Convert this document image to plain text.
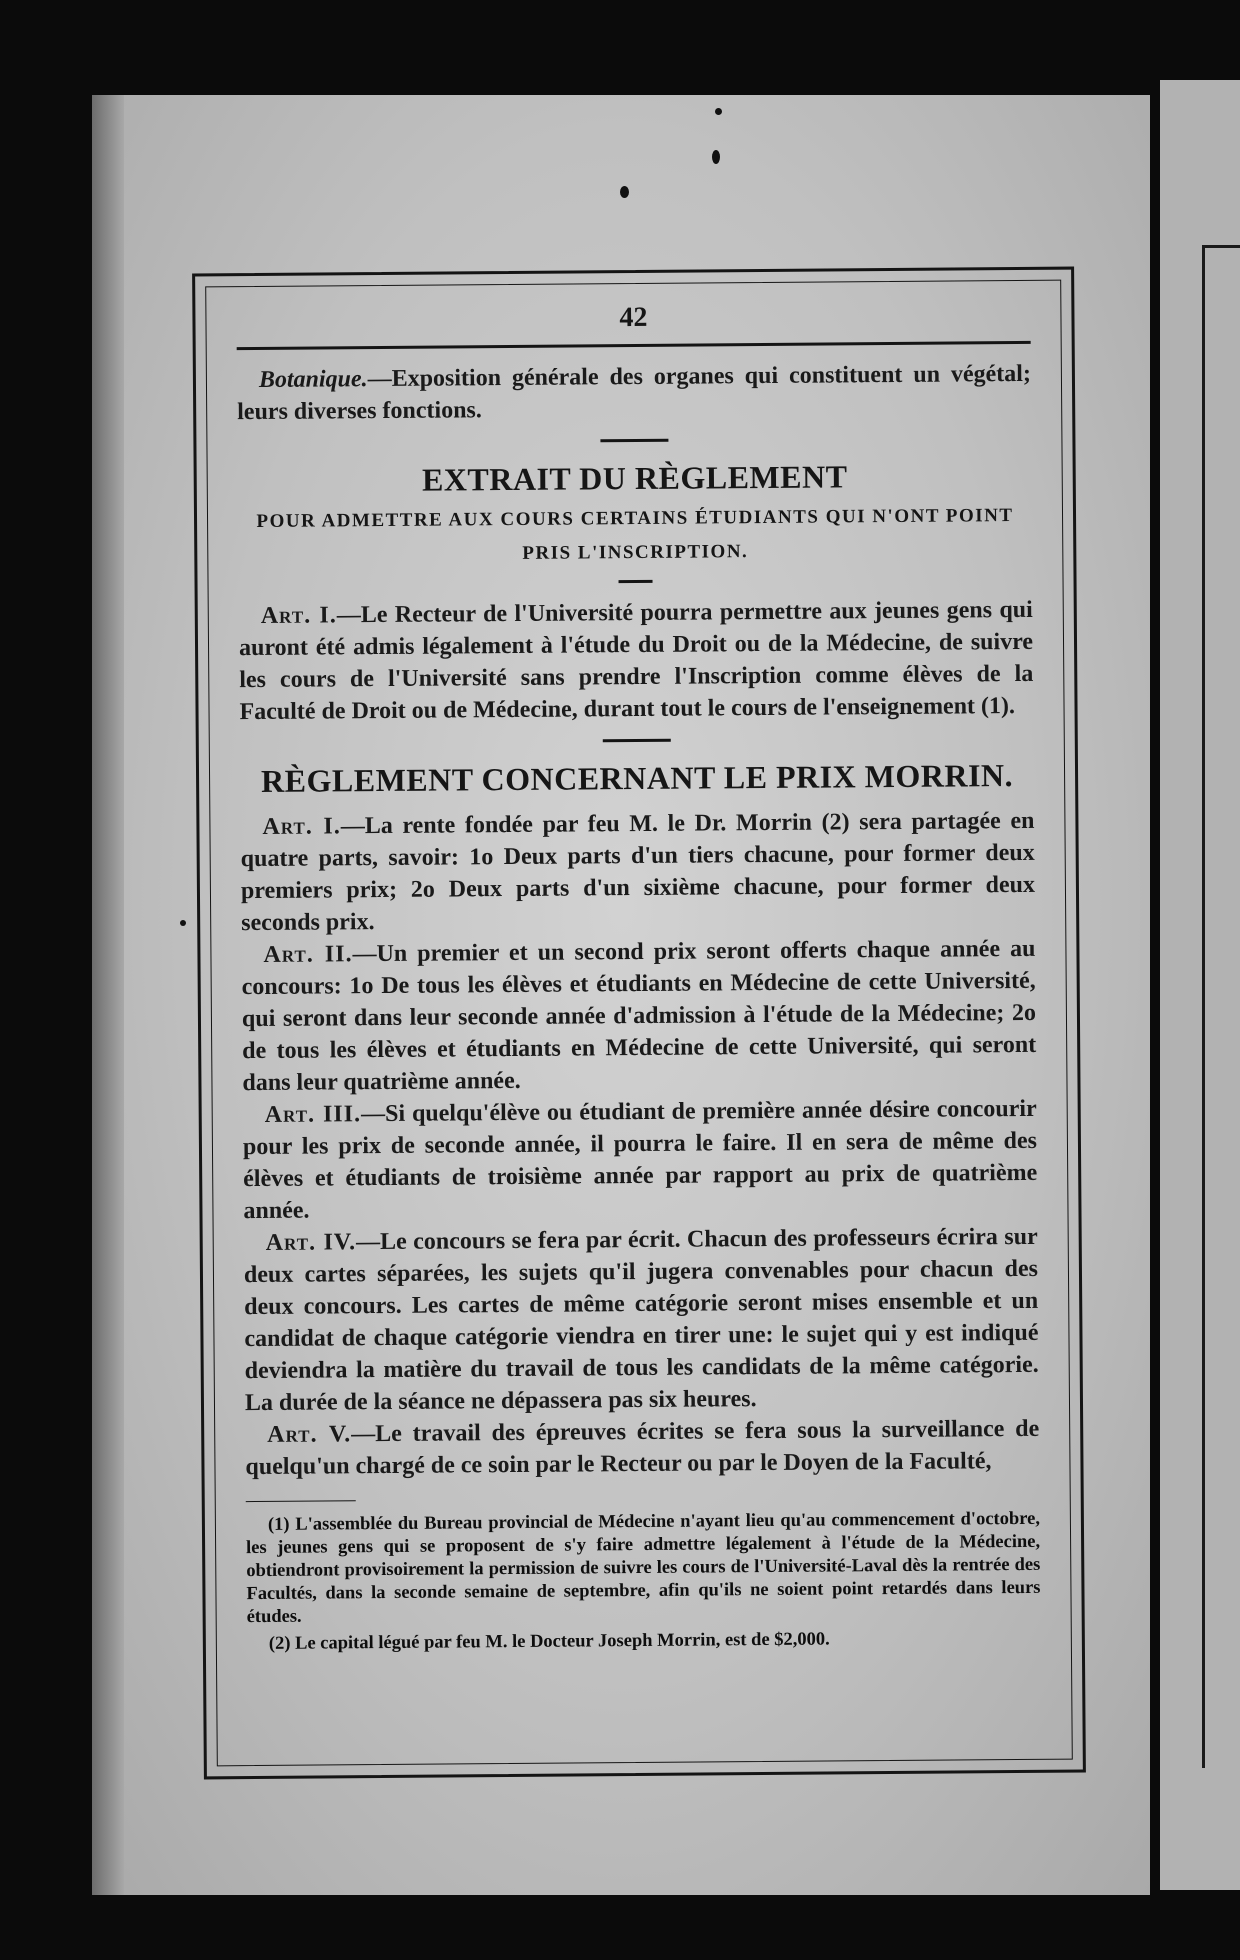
42

Botanique.—Exposition générale des organes qui constituent un végétal; leurs diverses fonctions.

EXTRAIT DU RÈGLEMENT
POUR ADMETTRE AUX COURS CERTAINS ÉTUDIANTS QUI N'ONT POINT PRIS L'INSCRIPTION.

Art. I.—Le Recteur de l'Université pourra permettre aux jeunes gens qui auront été admis légalement à l'étude du Droit ou de la Médecine, de suivre les cours de l'Université sans prendre l'Inscription comme élèves de la Faculté de Droit ou de Médecine, durant tout le cours de l'enseignement (1).

RÈGLEMENT CONCERNANT LE PRIX MORRIN.

Art. I.—La rente fondée par feu M. le Dr. Morrin (2) sera partagée en quatre parts, savoir: 1o Deux parts d'un tiers chacune, pour former deux premiers prix; 2o Deux parts d'un sixième chacune, pour former deux seconds prix.

Art. II.—Un premier et un second prix seront offerts chaque année au concours: 1o De tous les élèves et étudiants en Médecine de cette Université, qui seront dans leur seconde année d'admission à l'étude de la Médecine; 2o de tous les élèves et étudiants en Médecine de cette Université, qui seront dans leur quatrième année.

Art. III.—Si quelqu'élève ou étudiant de première année désire concourir pour les prix de seconde année, il pourra le faire. Il en sera de même des élèves et étudiants de troisième année par rapport au prix de quatrième année.

Art. IV.—Le concours se fera par écrit. Chacun des professeurs écrira sur deux cartes séparées, les sujets qu'il jugera convenables pour chacun des deux concours. Les cartes de même catégorie seront mises ensemble et un candidat de chaque catégorie viendra en tirer une: le sujet qui y est indiqué deviendra la matière du travail de tous les candidats de la même catégorie. La durée de la séance ne dépassera pas six heures.

Art. V.—Le travail des épreuves écrites se fera sous la surveillance de quelqu'un chargé de ce soin par le Recteur ou par le Doyen de la Faculté,

(1) L'assemblée du Bureau provincial de Médecine n'ayant lieu qu'au commencement d'octobre, les jeunes gens qui se proposent de s'y faire admettre légalement à l'étude de la Médecine, obtiendront provisoirement la permission de suivre les cours de l'Université-Laval dès la rentrée des Facultés, dans la seconde semaine de septembre, afin qu'ils ne soient point retardés dans leurs études.

(2) Le capital légué par feu M. le Docteur Joseph Morrin, est de $2,000.
